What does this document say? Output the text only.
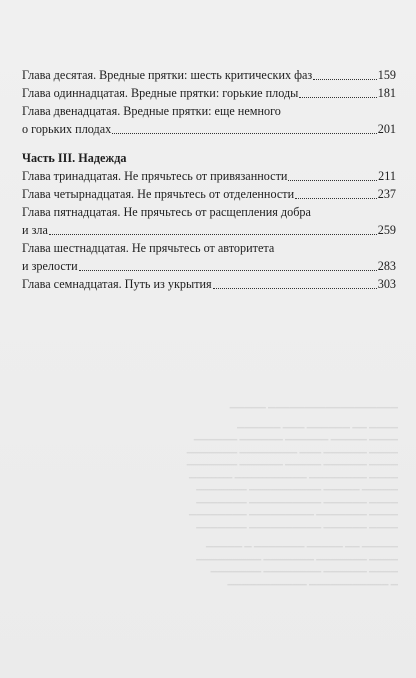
Глава десятая. Вредные прятки: шесть критических фаз	159
Глава одиннадцатая. Вредные прятки: горькие плоды	181
Глава двенадцатая. Вредные прятки: еще немного
о горьких плодах	201
Часть III. Надежда
Глава тринадцатая. Не прячьтесь от привязанности	211
Глава четырнадцатая. Не прячьтесь от отделенности	237
Глава пятнадцатая. Не прячьтесь от расщепления добра
и зла	259
Глава шестнадцатая. Не прячьтесь от авторитета
и зрелости	283
Глава семнадцатая. Путь из укрытия	303
▁▁▁▁▁▁▁▁▁▁▁▁▁▁▁▁▁▁ ▁▁▁▁▁
▁▁▁▁ ▁▁ ▁▁▁▁▁▁ ▁▁▁ ▁▁▁▁▁▁
▁▁▁▁ ▁▁▁▁▁ ▁▁▁▁▁▁ ▁▁▁▁▁▁ ▁▁▁▁▁▁
▁▁▁▁ ▁▁▁▁▁▁ ▁▁▁ ▁▁▁▁▁▁▁▁ ▁▁▁▁▁▁▁
▁▁▁▁ ▁▁▁▁▁▁ ▁▁▁▁▁ ▁▁▁▁▁▁ ▁▁▁▁▁▁▁
▁▁▁▁ ▁▁▁▁▁▁▁▁ ▁▁▁▁▁▁▁▁▁▁ ▁▁▁▁▁▁
▁▁▁▁▁ ▁▁▁▁▁ ▁▁▁▁▁▁▁▁▁▁ ▁▁▁▁▁▁▁
▁▁▁▁ ▁▁▁▁▁▁ ▁▁▁▁▁▁▁▁▁▁ ▁▁▁▁▁▁▁
▁▁▁▁ ▁▁▁▁▁▁▁ ▁▁▁▁▁▁▁▁▁ ▁▁▁▁▁▁▁▁
▁▁▁▁ ▁▁▁▁▁▁ ▁▁▁▁▁▁▁▁▁▁ ▁▁▁▁▁▁▁
▁▁▁▁▁ ▁▁ ▁▁▁▁▁ ▁▁▁▁▁▁▁ ▁ ▁▁▁▁▁
▁▁▁▁ ▁▁▁▁▁▁▁ ▁▁▁▁▁▁▁ ▁▁▁▁▁▁▁▁▁
▁▁▁▁ ▁▁▁▁▁▁ ▁▁▁▁▁▁▁▁ ▁▁▁▁▁▁▁
▁ ▁▁▁▁▁▁▁▁▁▁▁ ▁▁▁▁▁▁▁▁▁▁▁
